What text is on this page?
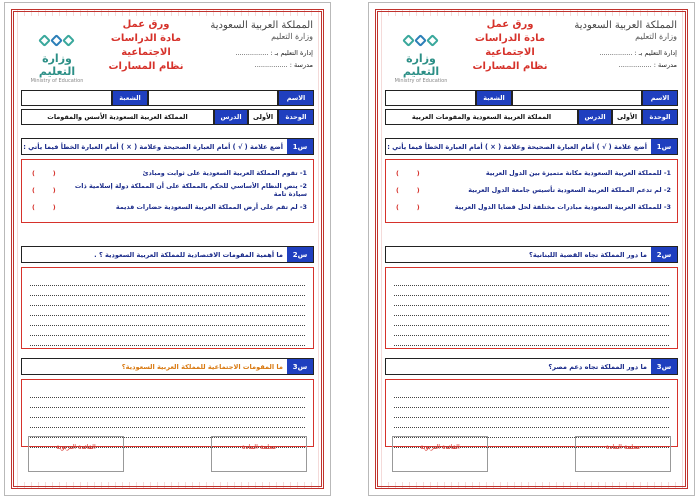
وزارة التعليم
Ministry of Education
ورق عمل
مادة الدراسات الاجتماعية
نظام المسارات
المملكة العربية السعودية
وزارة التعليم
إدارة التعليم بـ : ................
مدرسة : ................
الاسم
الشعبة
الوحدة
الأولى
الدرس
المملكة العربية السعودية الأسس والمقومات
س1
أضع علامة ( √ ) أمام العبارة الصحيحة وعلامة ( × ) أمام العبارة الخطأ فيما يأتي :
1- تقوم المملكة العربية السعودية على ثوابت ومبادئ
(        )
2- ينص النظام الأساسي للحكم بالمملكة على أن المملكة دولة إسلامية ذات سيادة تامة
(        )
3- لم تقم على أرض المملكة العربية السعودية حضارات قديمة
(        )
س2
ما أهمية المقومات الاقتصادية للمملكة العربية السعودية ؟ .
س3
ما المقومات الاجتماعية للمملكة العربية السعودية؟
القائدة التربوية	معلمة المادة
وزارة التعليم
Ministry of Education
ورق عمل
مادة الدراسات الاجتماعية
نظام المسارات
المملكة العربية السعودية
وزارة التعليم
إدارة التعليم بـ : ................
مدرسة : ................
الاسم
الشعبة
الوحدة
الأولى
الدرس
المملكة العربية السعودية والمقومات العربية
س1
أضع علامة ( √ ) أمام العبارة الصحيحة وعلامة ( × ) أمام العبارة الخطأ فيما يأتي :
1- للمملكة العربية السعودية مكانة متميزة بين الدول العربية
(        )
2- لم تدعم المملكة العربية السعودية تأسيس جامعة الدول العربية
(        )
3- للمملكة العربية السعودية مبادرات مختلفة لحل قضايا الدول العربية
(        )
س2
ما دور المملكة تجاه القضية اللبنانية؟
س3
ما دور المملكة تجاه دعم مصر؟
القائدة التربوية	معلمة المادة
